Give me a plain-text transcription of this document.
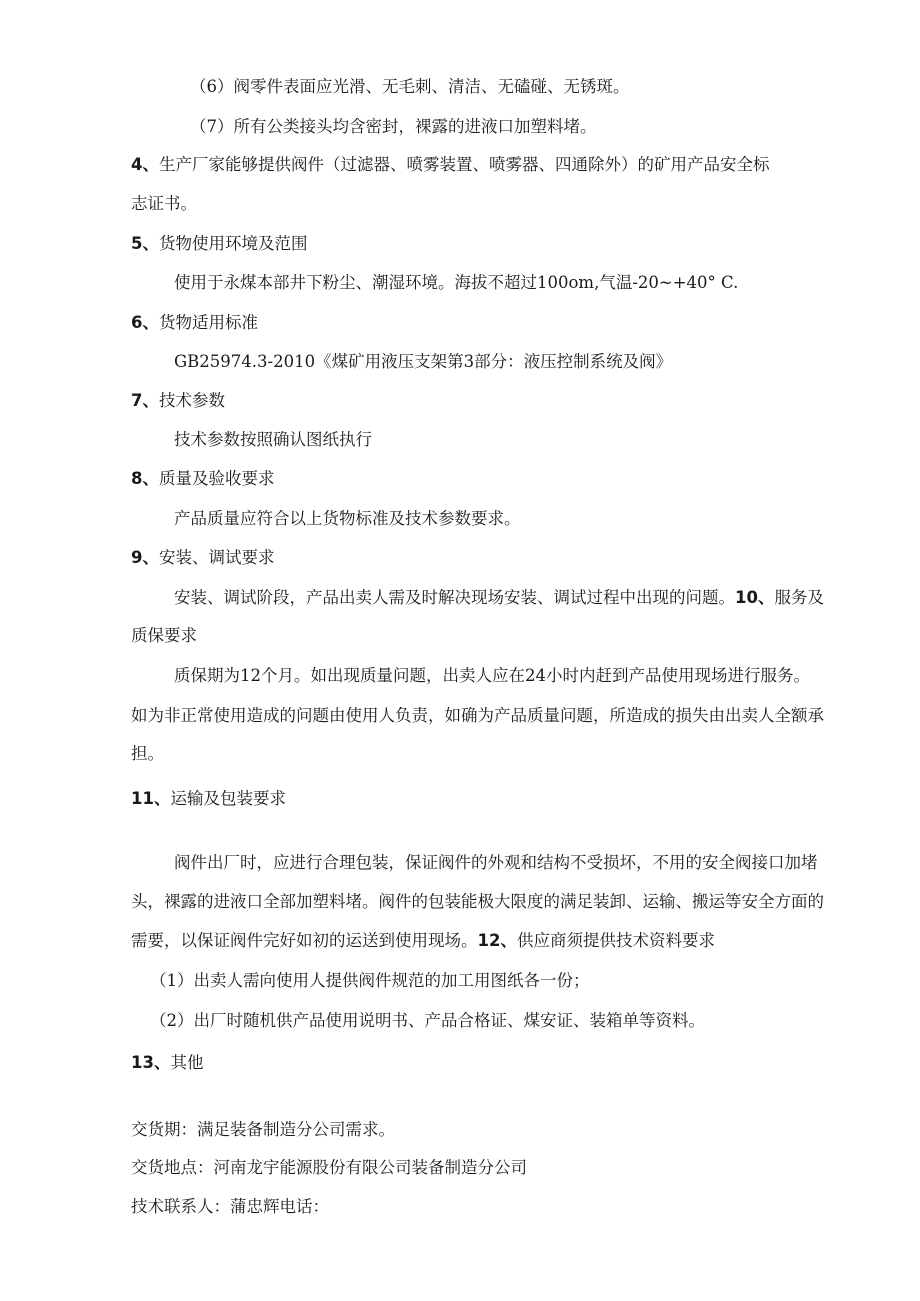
（6）阀零件表面应光滑、无毛刺、清洁、无磕碰、无锈斑。
（7）所有公类接头均含密封，裸露的进液口加塑料堵。
4、生产厂家能够提供阀件（过滤器、喷雾装置、喷雾器、四通除外）的矿用产品安全标
志证书。
5、货物使用环境及范围
使用于永煤本部井下粉尘、潮湿环境。海拔不超过100om,气温-20~+40° C.
6、货物适用标准
GB25974.3-2010《煤矿用液压支架第3部分：液压控制系统及阀》
7、技术参数
技术参数按照确认图纸执行
8、质量及验收要求
产品质量应符合以上货物标准及技术参数要求。
9、安装、调试要求
安装、调试阶段，产品出卖人需及时解决现场安装、调试过程中出现的问题。10、服务及
质保要求
质保期为12个月。如出现质量问题，出卖人应在24小时内赶到产品使用现场进行服务。
如为非正常使用造成的问题由使用人负责，如确为产品质量问题，所造成的损失由出卖人全额承
担。
11、运输及包装要求
阀件出厂时，应进行合理包装，保证阀件的外观和结构不受损坏，不用的安全阀接口加堵
头，裸露的进液口全部加塑料堵。阀件的包装能极大限度的满足装卸、运输、搬运等安全方面的
需要，以保证阀件完好如初的运送到使用现场。12、供应商须提供技术资料要求
（1）出卖人需向使用人提供阀件规范的加工用图纸各一份；
（2）出厂时随机供产品使用说明书、产品合格证、煤安证、装箱单等资料。
13、其他
交货期：满足装备制造分公司需求。
交货地点：河南龙宇能源股份有限公司装备制造分公司
技术联系人：蒲忠辉电话：
